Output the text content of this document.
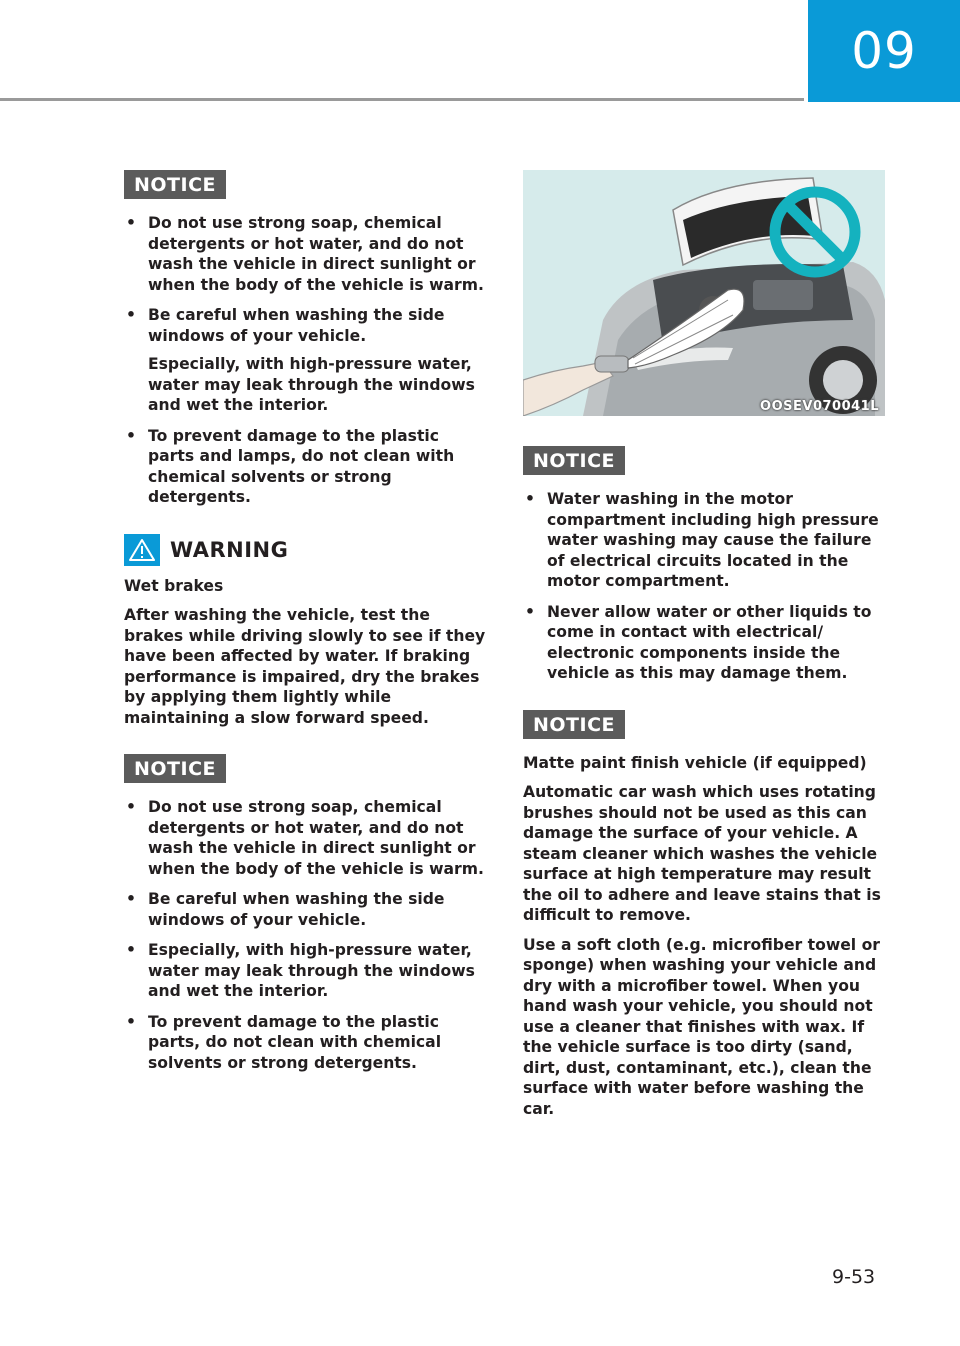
09
NOTICE
• Do not use strong soap, chemical detergents or hot water, and do not wash the vehicle in direct sunlight or when the body of the vehicle is warm.
• Be careful when washing the side windows of your vehicle.
Especially, with high-pressure water, water may leak through the windows and wet the interior.
• To prevent damage to the plastic parts and lamps, do not clean with chemical solvents or strong detergents.
WARNING

Wet brakes

After washing the vehicle, test the brakes while driving slowly to see if they have been affected by water. If braking performance is impaired, dry the brakes by applying them lightly while maintaining a slow forward speed.

NOTICE
• Do not use strong soap, chemical detergents or hot water, and do not wash the vehicle in direct sunlight or when the body of the vehicle is warm.
• Be careful when washing the side windows of your vehicle.
• Especially, with high-pressure water, water may leak through the windows and wet the interior.
• To prevent damage to the plastic parts, do not clean with chemical solvents or strong detergents.
OOSEV070041L
NOTICE
• Water washing in the motor compartment including high pressure water washing may cause the failure of electrical circuits located in the motor compartment.
• Never allow water or other liquids to come in contact with electrical/ electronic components inside the vehicle as this may damage them.
NOTICE

Matte paint finish vehicle (if equipped)

Automatic car wash which uses rotating brushes should not be used as this can damage the surface of your vehicle. A steam cleaner which washes the vehicle surface at high temperature may result the oil to adhere and leave stains that is difficult to remove.

Use a soft cloth (e.g. microfiber towel or sponge) when washing your vehicle and dry with a microfiber towel. When you hand wash your vehicle, you should not use a cleaner that finishes with wax. If the vehicle surface is too dirty (sand, dirt, dust, contaminant, etc.), clean the surface with water before washing the car.

9-53
